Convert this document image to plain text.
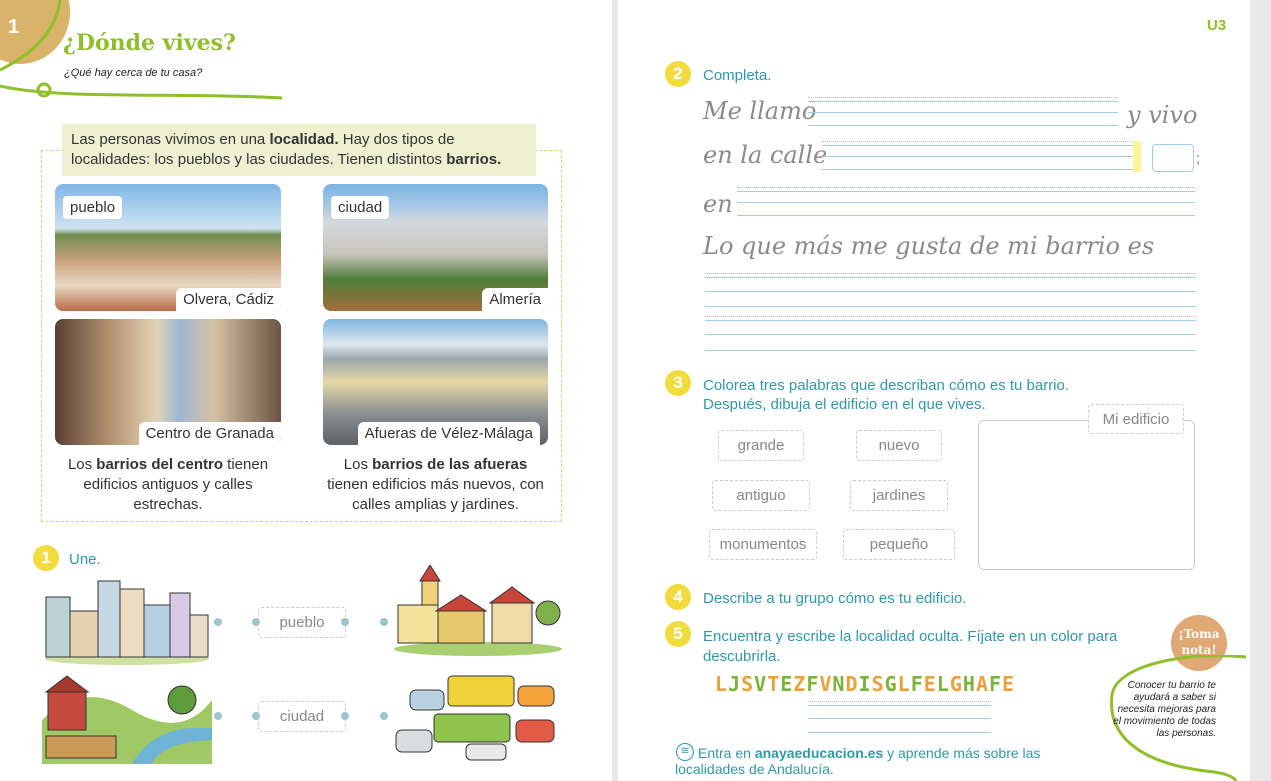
1
¿Dónde vives?
¿Qué hay cerca de tu casa?
Las personas vivimos en una localidad. Hay dos tipos de localidades: los pueblos y las ciudades. Tienen distintos barrios.
pueblo
Olvera, Cádiz
ciudad
Almería
Centro de Granada	Afueras de Vélez-Málaga
Los barrios del centro tienen edificios antiguos y calles estrechas.
Los barrios de las afueras tienen edificios más nuevos, con calles amplias y jardines.
1	Une.
pueblo
ciudad
U3
2	Completa.
Me llamo	y vivo
en la calle	;
en
Lo que más me gusta de mi barrio es
3	Colorea tres palabras que describan cómo es tu barrio.
Después, dibuja el edificio en el que vives.
grande	nuevo
antiguo	jardines
monumentos	pequeño
Mi edificio
4	Describe a tu grupo cómo es tu edificio.
5	Encuentra y escribe la localidad oculta. Fíjate en un color para descubrirla.
LJSVTEZFVNDISGLFELGHAFE
≋ Entra en anayaeducacion.es y aprende más sobre las localidades de Andalucía.
¡Toma nota!
Conocer tu barrio te ayudará a saber si necesita mejoras para el movimiento de todas las personas.
